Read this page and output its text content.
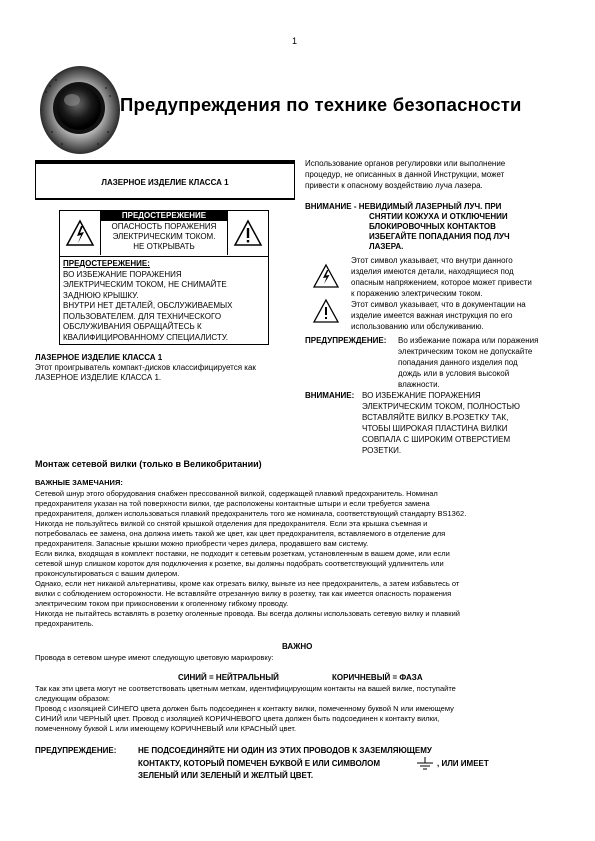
1
Предупреждения по технике безопасности
ЛАЗЕРНОЕ ИЗДЕЛИЕ КЛАССА 1
ПРЕДОСТЕРЕЖЕНИЕ
ОПАСНОСТЬ ПОРАЖЕНИЯ
ЭЛЕКТРИЧЕСКИМ ТОКОМ.
НЕ ОТКРЫВАТЬ
ПРЕДОСТЕРЕЖЕНИЕ:
ВО ИЗБЕЖАНИЕ ПОРАЖЕНИЯ
ЭЛЕКТРИЧЕСКИМ ТОКОМ, НЕ СНИМАЙТЕ
ЗАДНЮЮ КРЫШКУ.
ВНУТРИ НЕТ ДЕТАЛЕЙ, ОБСЛУЖИВАЕМЫХ
ПОЛЬЗОВАТЕЛЕМ. ДЛЯ ТЕХНИЧЕСКОГО
ОБСЛУЖИВАНИЯ ОБРАЩАЙТЕСЬ К
КВАЛИФИЦИРОВАННОМУ СПЕЦИАЛИСТУ.
ЛАЗЕРНОЕ ИЗДЕЛИЕ КЛАССА 1
Этот проигрыватель компакт-дисков классифицируется как
ЛАЗЕРНОЕ ИЗДЕЛИЕ КЛАССА 1.
Использование органов регулировки или выполнение
процедур, не описанных в данной Инструкции, может
привести к опасному воздействию луча лазера.
ВНИМАНИЕ - НЕВИДИМЫЙ ЛАЗЕРНЫЙ ЛУЧ. ПРИ
СНЯТИИ КОЖУХА И ОТКЛЮЧЕНИИ
БЛОКИРОВОЧНЫХ КОНТАКТОВ
ИЗБЕГАЙТЕ ПОПАДАНИЯ ПОД ЛУЧ
ЛАЗЕРА.
Этот символ указывает, что внутри данного
изделия имеются детали, находящиеся под
опасным напряжением, которое может привести
к поражению электрическим током.
Этот символ указывает, что в документации на
изделие имеется важная инструкция по его
использованию или обслуживанию.
ПРЕДУПРЕЖДЕНИЕ: Во избежание пожара или поражения
электрическим током не допускайте
попадания данного изделия под
дождь или в условия высокой
влажности.
ВНИМАНИЕ: ВО ИЗБЕЖАНИЕ ПОРАЖЕНИЯ
ЭЛЕКТРИЧЕСКИМ ТОКОМ, ПОЛНОСТЬЮ
ВСТАВЛЯЙТЕ ВИЛКУ В.РОЗЕТКУ ТАК,
ЧТОБЫ ШИРОКАЯ ПЛАСТИНА ВИЛКИ
СОВПАЛА С ШИРОКИМ ОТВЕРСТИЕМ
РОЗЕТКИ.
Монтаж сетевой вилки (только в Великобритании)
ВАЖНЫЕ ЗАМЕЧАНИЯ:
Сетевой шнур этого оборудования снабжен прессованной вилкой, содержащей плавкий предохранитель. Номинал
предохранителя указан на той поверхности вилки, где расположены контактные штыри и если требуется замена
предохранителя, должен использоваться плавкий предохранитель того же номинала, соответствующий стандарту BS1362.
Никогда не пользуйтесь вилкой со снятой крышкой отделения для предохранителя. Если эта крышка съемная и
потребовалась ее замена, она должна иметь такой же цвет, как цвет предохранителя, вставляемого в отделение для
предохранителя. Запасные крышки можно приобрести через дилера, продавшего вам систему.
Если вилка, входящая в комплект поставки, не подходит к сетевым розеткам, установленным в вашем доме, или если
сетевой шнур слишком короток для подключения к розетке, вы должны подобрать соответствующий удлинитель или
проконсультироваться с вашим дилером.
Однако, если нет никакой альтернативы, кроме как отрезать вилку, выньте из нее предохранитель, а затем избавьтесь от
вилки с соблюдением осторожности. Не вставляйте отрезанную вилку в розетку, так как имеется опасность поражения
электрическим током при прикосновении к оголенному гибкому проводу.
Никогда не пытайтесь вставлять в розетку оголенные провода. Вы всегда должны использовать сетевую вилку и плавкий
предохранитель.
ВАЖНО
Провода в сетевом шнуре имеют следующую цветовую маркировку:
СИНИЙ = НЕЙТРАЛЬНЫЙ	КОРИЧНЕВЫЙ = ФАЗА
Так как эти цвета могут не соответствовать цветным меткам, идентифицирующим контакты на вашей вилке, поступайте
следующим образом:
Провод с изоляцией СИНЕГО цвета должен быть подсоединен к контакту вилки, помеченному буквой N или имеющему
СИНИЙ или ЧЕРНЫЙ цвет. Провод с изоляцией КОРИЧНЕВОГО цвета должен быть подсоединен к контакту вилки,
помеченному буквой L или имеющему КОРИЧНЕВЫЙ или КРАСНЫЙ цвет.
ПРЕДУПРЕЖДЕНИЕ:	НЕ ПОДСОЕДИНЯЙТЕ НИ ОДИН ИЗ ЭТИХ ПРОВОДОВ К ЗАЗЕМЛЯЮЩЕМУ
КОНТАКТУ, КОТОРЫЙ ПОМЕЧЕН БУКВОЙ Е ИЛИ СИМВОЛОМ	, ИЛИ ИМЕЕТ
ЗЕЛЕНЫЙ ИЛИ ЗЕЛЕНЫЙ И ЖЕЛТЫЙ ЦВЕТ.
